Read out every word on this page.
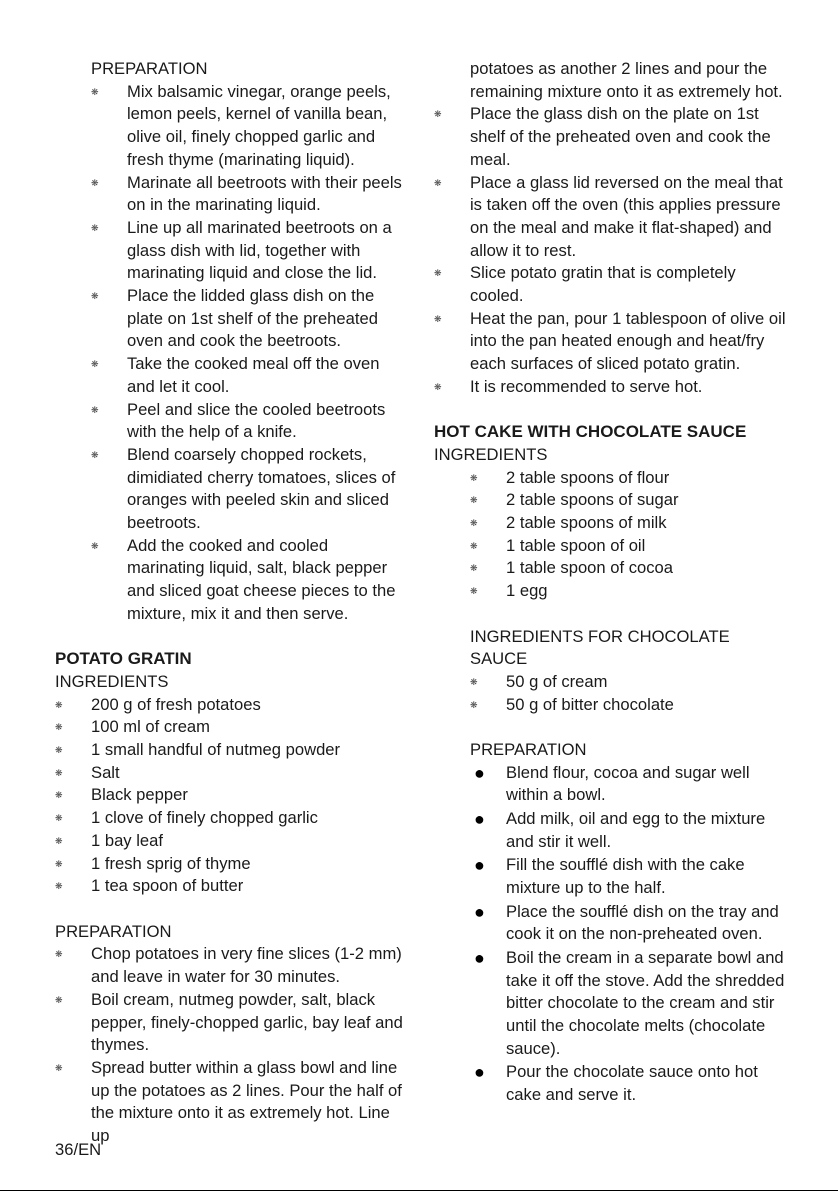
PREPARATION
❋	Mix balsamic vinegar, orange peels, lemon peels, kernel of vanilla bean, olive oil, finely chopped garlic and fresh thyme (marinating liquid).
❋	Marinate all beetroots with their peels on in the marinating liquid.
❋	Line up all marinated beetroots on a glass dish with lid, together with marinating liquid and close the lid.
❋	Place the lidded glass dish on the plate on 1st shelf of the preheated oven and cook the beetroots.
❋	Take the cooked meal off the oven and let it cool.
❋	Peel and slice the cooled beetroots with the help of a knife.
❋	Blend coarsely chopped rockets, dimidiated cherry tomatoes, slices of oranges with peeled skin and sliced beetroots.
❋	Add the cooked and cooled marinating liquid, salt, black pepper and sliced goat cheese pieces to the mixture, mix it and then serve.
POTATO GRATIN
INGREDIENTS
❋	200 g of fresh potatoes
❋	100 ml of cream
❋	1 small handful of nutmeg powder
❋	Salt
❋	Black pepper
❋	1 clove of finely chopped garlic
❋	1 bay leaf
❋	1 fresh sprig of thyme
❋	1 tea spoon of butter
PREPARATION
❋	Chop potatoes in very fine slices (1-2 mm) and leave in water for 30 minutes.
❋	Boil cream, nutmeg powder, salt, black pepper, finely-chopped garlic, bay leaf and thymes.
❋	Spread butter within a glass bowl and line up the potatoes as 2 lines. Pour the half of the mixture onto it as extremely hot. Line up
potatoes as another 2 lines and pour the remaining mixture onto it as extremely hot.
❋	Place the glass dish on the plate on 1st shelf of the preheated oven and cook the meal.
❋	Place a glass lid reversed on the meal that is taken off the oven (this applies pressure on the meal and make it flat-shaped) and allow it to rest.
❋	Slice potato gratin that is completely cooled.
❋	Heat the pan, pour 1 tablespoon of olive oil into the pan heated enough and heat/fry each surfaces of sliced potato gratin.
❋	It is recommended to serve hot.
HOT CAKE WITH CHOCOLATE SAUCE
INGREDIENTS
❋	2 table spoons of flour
❋	2 table spoons of sugar
❋	2 table spoons of milk
❋	1 table spoon of oil
❋	1 table spoon of cocoa
❋	1 egg
INGREDIENTS FOR CHOCOLATE SAUCE
❋	50 g of cream
❋	50 g of bitter chocolate
PREPARATION
●	Blend flour, cocoa and sugar well within a bowl.
●	Add milk, oil and egg to the mixture and stir it well.
●	Fill the soufflé dish with the cake mixture up to the half.
●	Place the soufflé dish on the tray and cook it on the non-preheated oven.
●	Boil the cream in a separate bowl and take it off the stove. Add the shredded bitter chocolate to the cream and stir until the chocolate melts (chocolate sauce).
●	Pour the chocolate sauce onto hot cake and serve it.
36/EN
